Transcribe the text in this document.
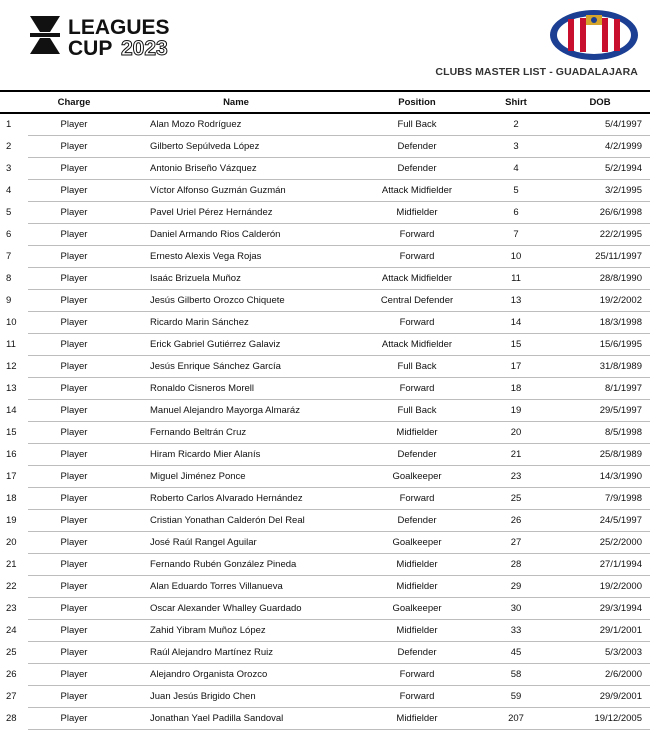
LEAGUES
CUP 2023
CLUBS MASTER LIST - GUADALAJARA
	Charge	Name	Position	Shirt	DOB
1	Player	Alan Mozo Rodríguez	Full Back	2	5/4/1997
2	Player	Gilberto Sepúlveda López	Defender	3	4/2/1999
3	Player	Antonio Briseño Vázquez	Defender	4	5/2/1994
4	Player	Víctor Alfonso Guzmán Guzmán	Attack Midfielder	5	3/2/1995
5	Player	Pavel Uriel Pérez Hernández	Midfielder	6	26/6/1998
6	Player	Daniel Armando Rios Calderón	Forward	7	22/2/1995
7	Player	Ernesto Alexis Vega Rojas	Forward	10	25/11/1997
8	Player	Isaác Brizuela Muñoz	Attack Midfielder	11	28/8/1990
9	Player	Jesús Gilberto Orozco Chiquete	Central Defender	13	19/2/2002
10	Player	Ricardo Marin Sánchez	Forward	14	18/3/1998
11	Player	Erick Gabriel Gutiérrez Galaviz	Attack Midfielder	15	15/6/1995
12	Player	Jesús Enrique Sánchez García	Full Back	17	31/8/1989
13	Player	Ronaldo Cisneros Morell	Forward	18	8/1/1997
14	Player	Manuel Alejandro Mayorga Almaráz	Full Back	19	29/5/1997
15	Player	Fernando Beltrán Cruz	Midfielder	20	8/5/1998
16	Player	Hiram Ricardo Mier Alanís	Defender	21	25/8/1989
17	Player	Miguel Jiménez Ponce	Goalkeeper	23	14/3/1990
18	Player	Roberto Carlos Alvarado Hernández	Forward	25	7/9/1998
19	Player	Cristian Yonathan Calderón Del Real	Defender	26	24/5/1997
20	Player	José Raúl Rangel Aguilar	Goalkeeper	27	25/2/2000
21	Player	Fernando Rubén González Pineda	Midfielder	28	27/1/1994
22	Player	Alan Eduardo Torres Villanueva	Midfielder	29	19/2/2000
23	Player	Oscar Alexander Whalley Guardado	Goalkeeper	30	29/3/1994
24	Player	Zahid Yibram Muñoz López	Midfielder	33	29/1/2001
25	Player	Raúl Alejandro Martínez Ruiz	Defender	45	5/3/2003
26	Player	Alejandro Organista Orozco	Forward	58	2/6/2000
27	Player	Juan Jesús Brigido Chen	Forward	59	29/9/2001
28	Player	Jonathan Yael Padilla Sandoval	Midfielder	207	19/12/2005
